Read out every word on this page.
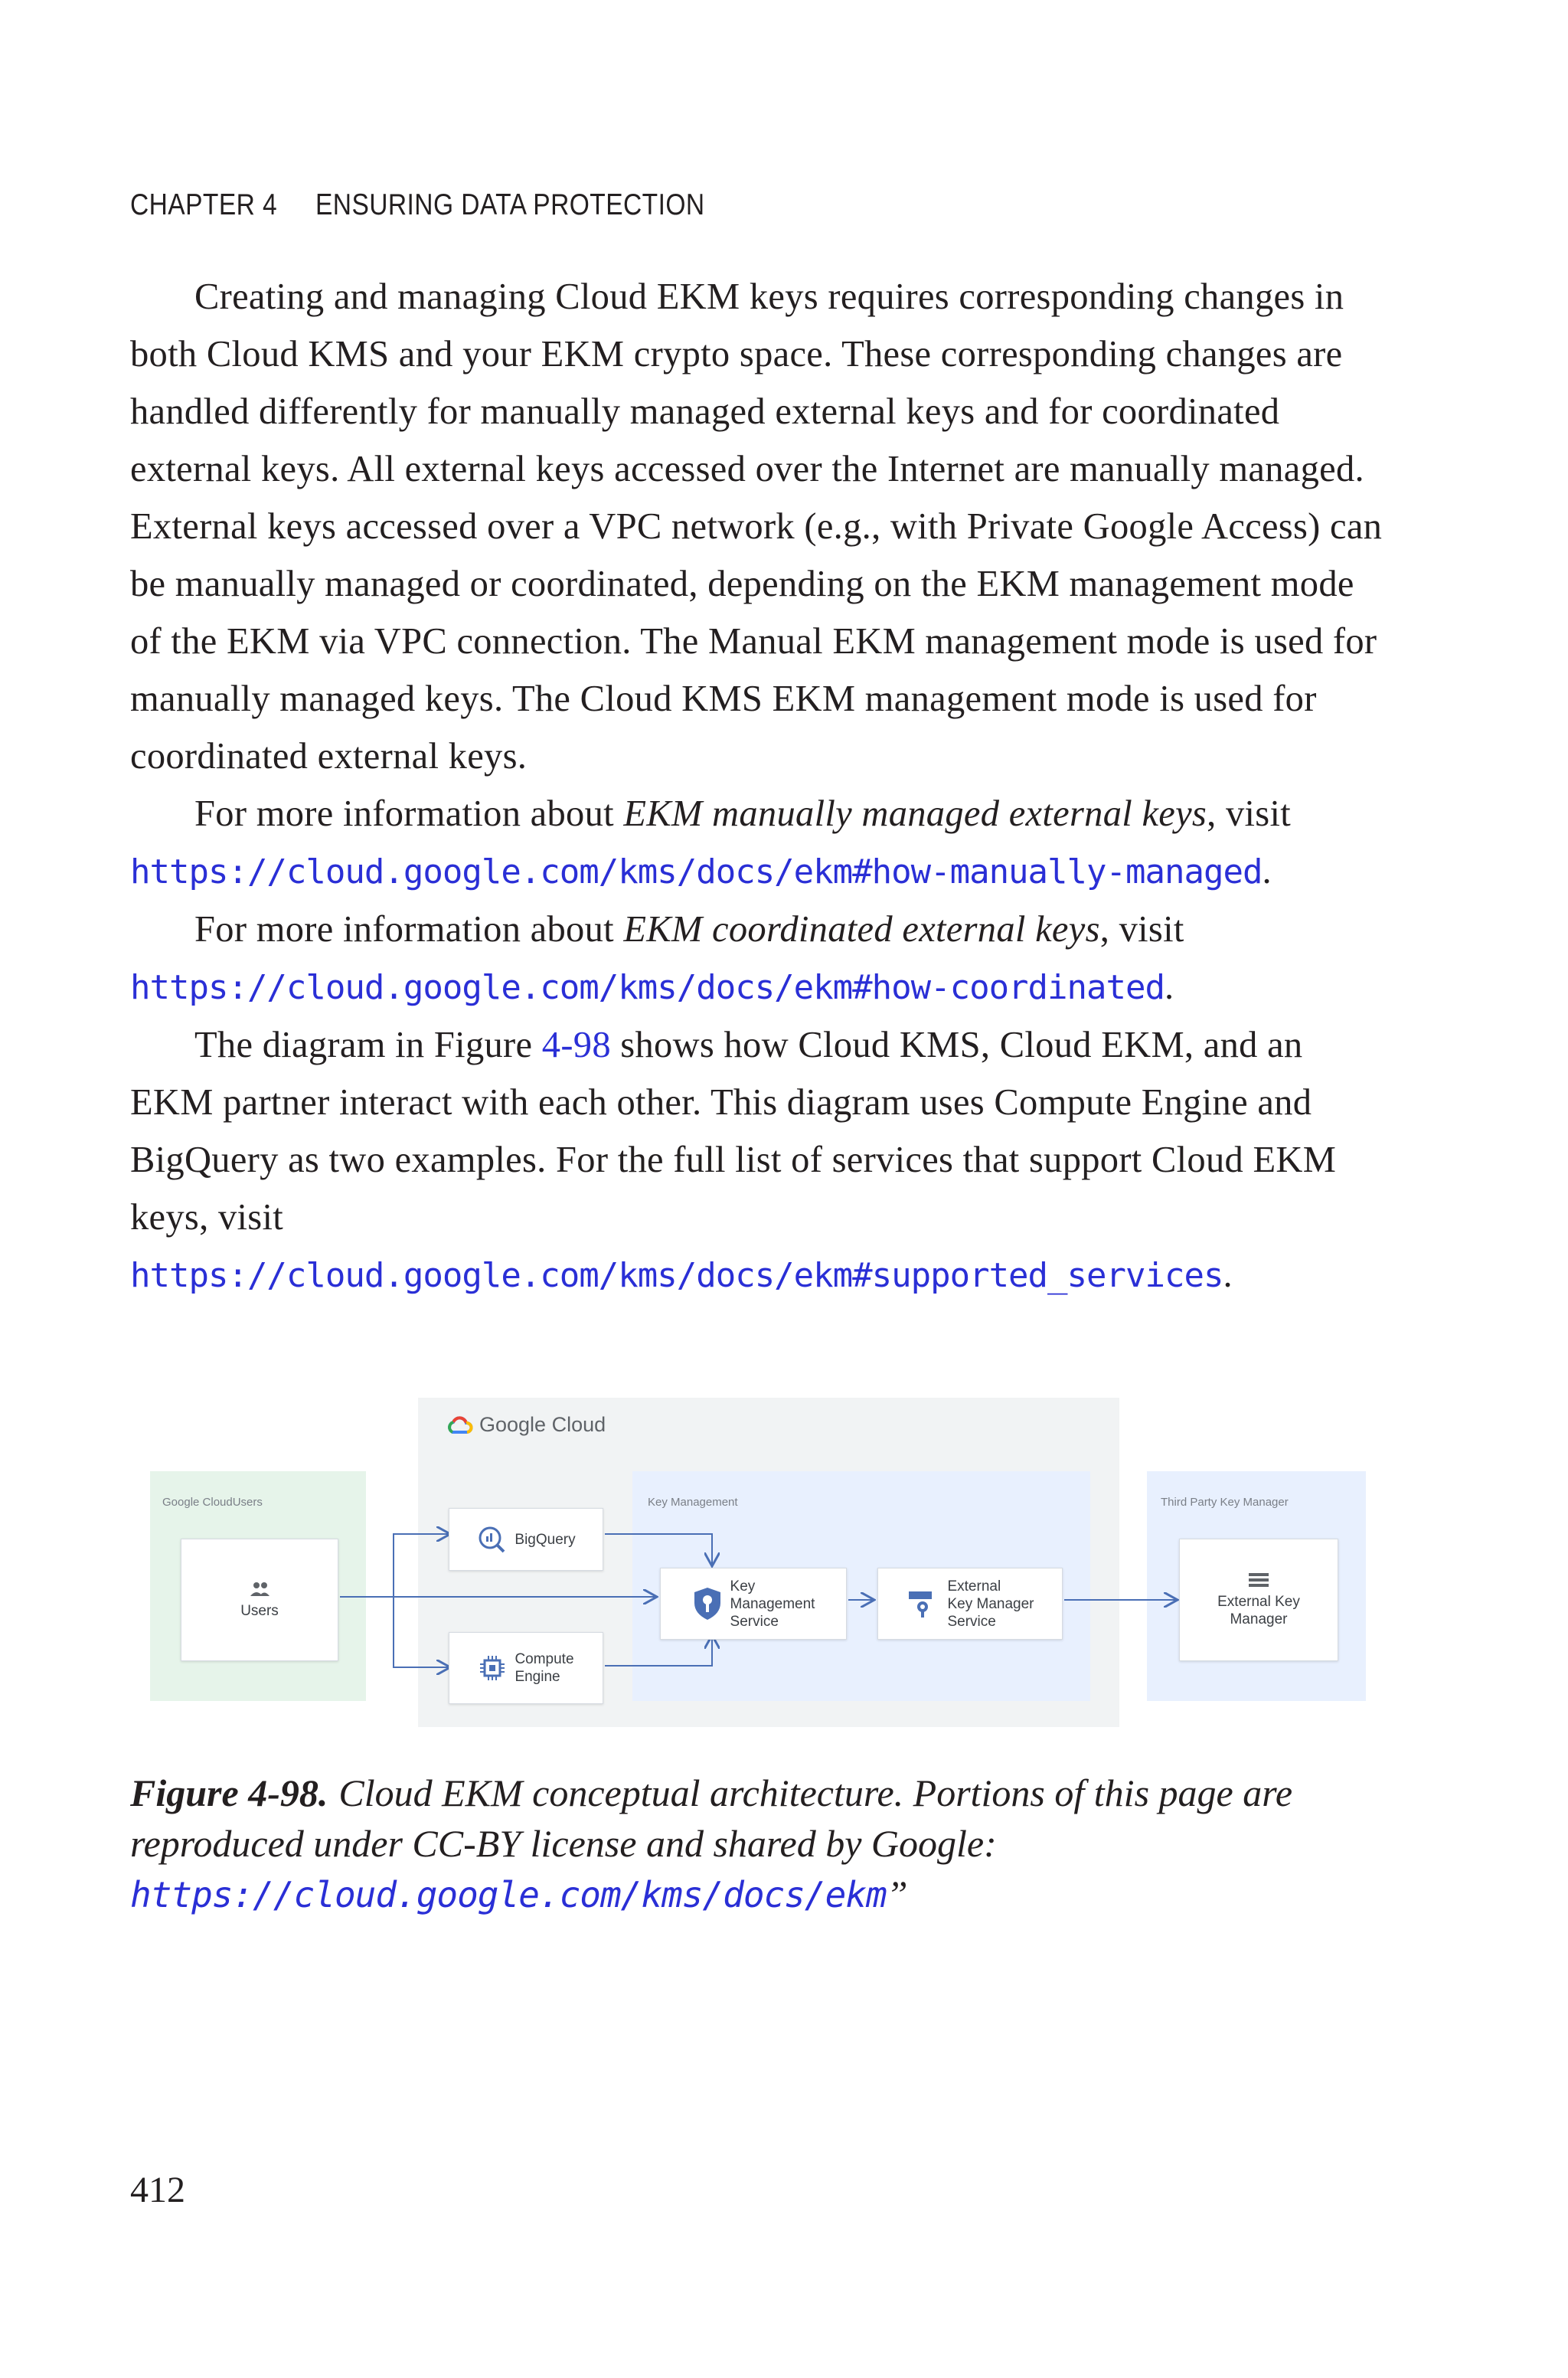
CHAPTER 4 ENSURING DATA PROTECTION

Creating and managing Cloud EKM keys requires corresponding changes in both Cloud KMS and your EKM crypto space. These corresponding changes are handled differently for manually managed external keys and for coordinated external keys. All external keys accessed over the Internet are manually managed. External keys accessed over a VPC network (e.g., with Private Google Access) can be manually managed or coordinated, depending on the EKM management mode of the EKM via VPC connection. The Manual EKM management mode is used for manually managed keys. The Cloud KMS EKM management mode is used for coordinated external keys.

For more information about EKM manually managed external keys, visit https://cloud.google.com/kms/docs/ekm#how-manually-managed.

For more information about EKM coordinated external keys, visit https://cloud.google.com/kms/docs/ekm#how-coordinated.

The diagram in Figure 4-98 shows how Cloud KMS, Cloud EKM, and an EKM partner interact with each other. This diagram uses Compute Engine and BigQuery as two examples. For the full list of services that support Cloud EKM keys, visit https://cloud.google.com/kms/docs/ekm#supported_services.

Google Cloud
Google CloudUsers	Key Management	Third Party Key Manager
Users
BigQuery
Compute
Engine
Key
Management
Service
External
Key Manager
Service
External Key
Manager
Figure 4-98. Cloud EKM conceptual architecture. Portions of this page are reproduced under CC-BY license and shared by Google: https://cloud.google.com/kms/docs/ekm”
412
